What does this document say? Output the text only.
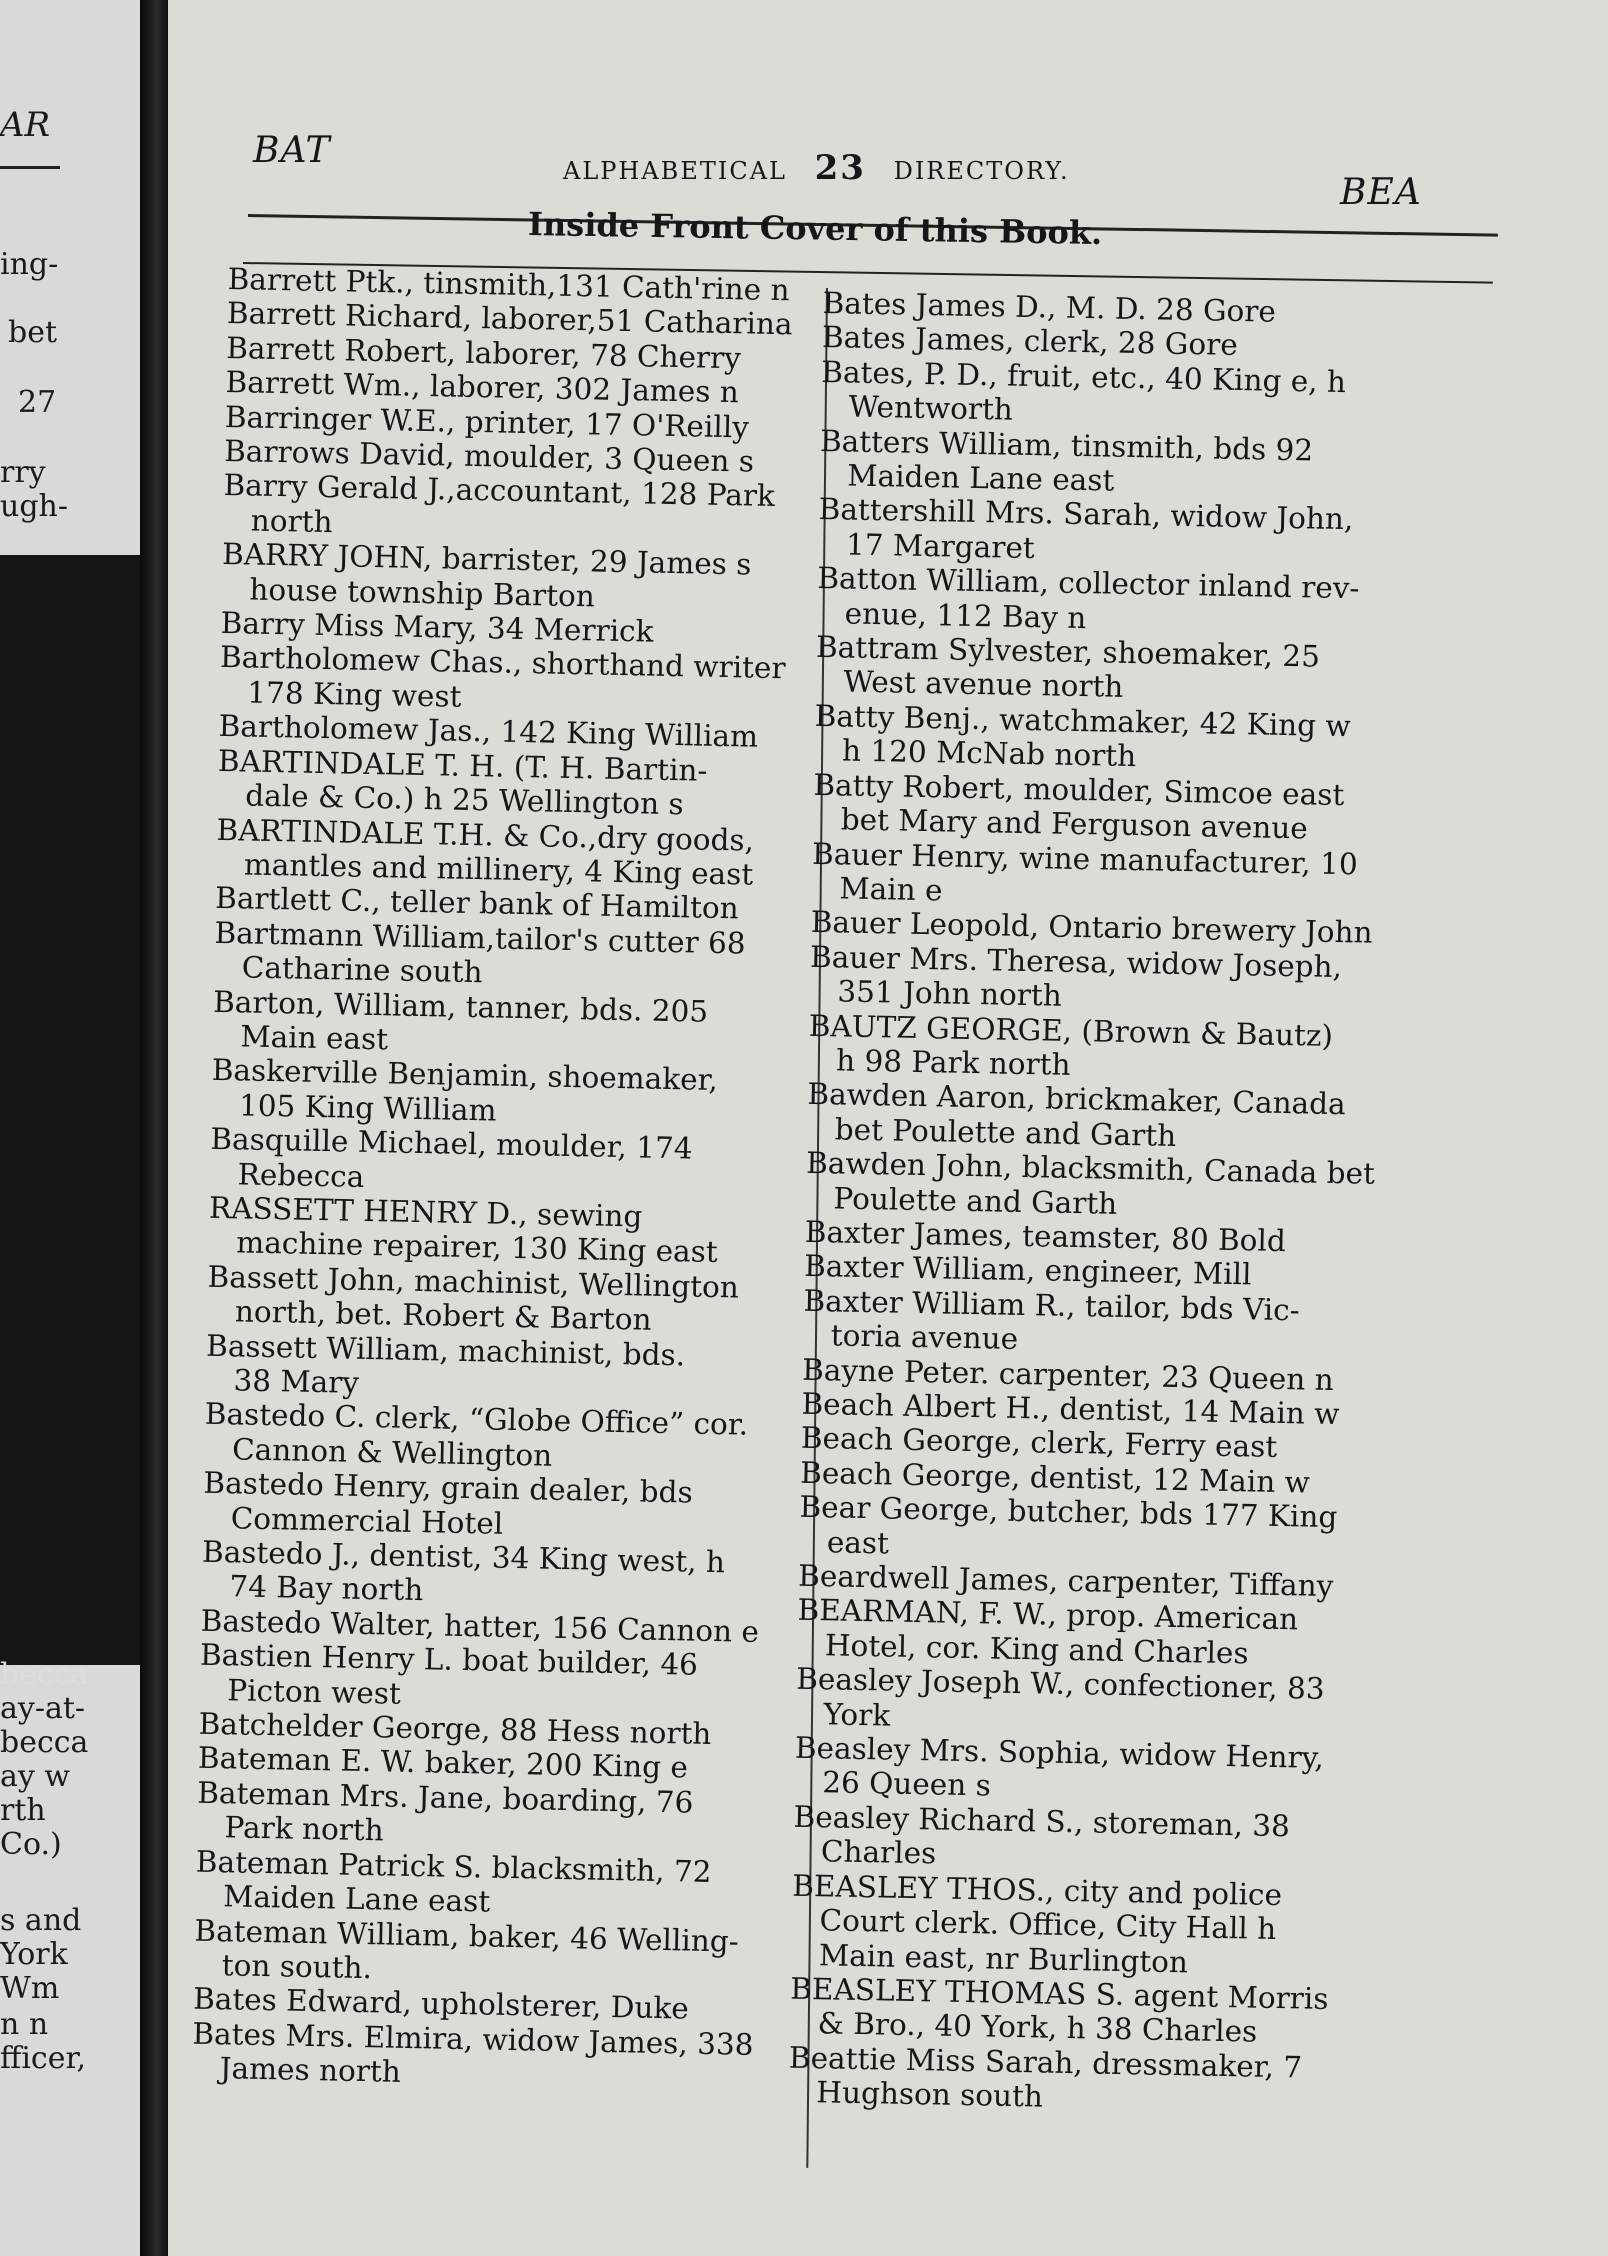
AR
ing-
bet
27
rry
ugh-
becca
ay-at-
becca
ay w
rth
Co.)
s and
York
Wm
n n
fficer,
BAT	ALPHABETICAL 23 DIRECTORY.
BEA
Inside Front Cover of this Book.
Barrett Ptk., tinsmith,131 Cath'rine n
Barrett Richard, laborer,51 Catharina
Barrett Robert, laborer, 78 Cherry
Barrett Wm., laborer, 302 James n
Barringer W.E., printer, 17 O'Reilly
Barrows David, moulder, 3 Queen s
Barry Gerald J.,accountant, 128 Park
north
BARRY JOHN, barrister, 29 James s
house township Barton
Barry Miss Mary, 34 Merrick
Bartholomew Chas., shorthand writer
178 King west
Bartholomew Jas., 142 King William
BARTINDALE T. H. (T. H. Bartin-
dale & Co.) h 25 Wellington s
BARTINDALE T.H. & Co.,dry goods,
mantles and millinery, 4 King east
Bartlett C., teller bank of Hamilton
Bartmann William,tailor's cutter 68
Catharine south
Barton, William, tanner, bds. 205
Main east
Baskerville Benjamin, shoemaker,
105 King William
Basquille Michael, moulder, 174
Rebecca
RASSETT HENRY D., sewing
machine repairer, 130 King east
Bassett John, machinist, Wellington
north, bet. Robert & Barton
Bassett William, machinist, bds.
38 Mary
Bastedo C. clerk, “Globe Office” cor.
Cannon & Wellington
Bastedo Henry, grain dealer, bds
Commercial Hotel
Bastedo J., dentist, 34 King west, h
74 Bay north
Bastedo Walter, hatter, 156 Cannon e
Bastien Henry L. boat builder, 46
Picton west
Batchelder George, 88 Hess north
Bateman E. W. baker, 200 King e
Bateman Mrs. Jane, boarding, 76
Park north
Bateman Patrick S. blacksmith, 72
Maiden Lane east
Bateman William, baker, 46 Welling-
ton south.
Bates Edward, upholsterer, Duke
Bates Mrs. Elmira, widow James, 338
James north
Bates James D., M. D. 28 Gore
Bates James, clerk, 28 Gore
Bates, P. D., fruit, etc., 40 King e, h
Wentworth
Batters William, tinsmith, bds 92
Maiden Lane east
Battershill Mrs. Sarah, widow John,
17 Margaret
Batton William, collector inland rev-
enue, 112 Bay n
Battram Sylvester, shoemaker, 25
West avenue north
Batty Benj., watchmaker, 42 King w
h 120 McNab north
Batty Robert, moulder, Simcoe east
bet Mary and Ferguson avenue
Bauer Henry, wine manufacturer, 10
Main e
Bauer Leopold, Ontario brewery John
Bauer Mrs. Theresa, widow Joseph,
351 John north
BAUTZ GEORGE, (Brown & Bautz)
h 98 Park north
Bawden Aaron, brickmaker, Canada
bet Poulette and Garth
Bawden John, blacksmith, Canada bet
Poulette and Garth
Baxter James, teamster, 80 Bold
Baxter William, engineer, Mill
Baxter William R., tailor, bds Vic-
toria avenue
Bayne Peter. carpenter, 23 Queen n
Beach Albert H., dentist, 14 Main w
Beach George, clerk, Ferry east
Beach George, dentist, 12 Main w
Bear George, butcher, bds 177 King
east
Beardwell James, carpenter, Tiffany
BEARMAN, F. W., prop. American
Hotel, cor. King and Charles
Beasley Joseph W., confectioner, 83
York
Beasley Mrs. Sophia, widow Henry,
26 Queen s
Beasley Richard S., storeman, 38
Charles
BEASLEY THOS., city and police
Court clerk. Office, City Hall h
Main east, nr Burlington
BEASLEY THOMAS S. agent Morris
& Bro., 40 York, h 38 Charles
Beattie Miss Sarah, dressmaker, 7
Hughson south
